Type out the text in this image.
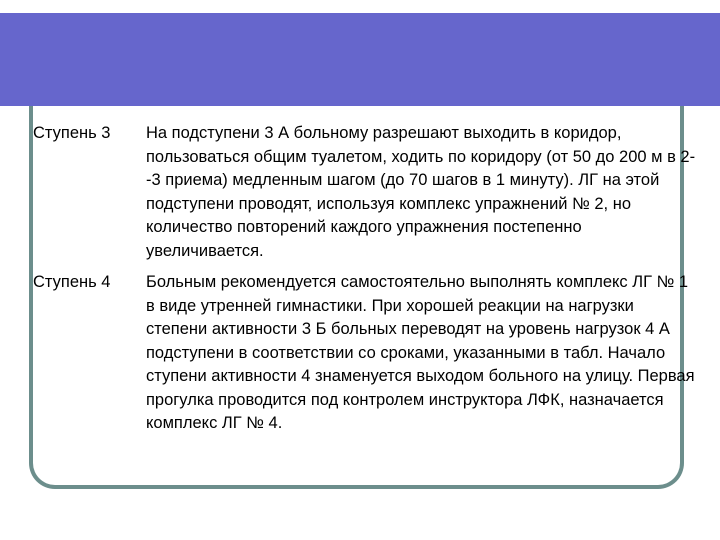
Ступень 3	На подступени 3 А больному разрешают выходить в коридор, пользоваться общим туалетом, ходить по коридору (от 50 до 200 м в 2--3 приема) медленным шагом (до 70 шагов в 1 минуту). ЛГ на этой подступени проводят, используя комплекс упражнений № 2, но количество повторений каждого упражнения постепенно увеличивается.
Ступень 4	Больным рекомендуется самостоятельно выполнять комплекс ЛГ № 1 в виде утренней гимнастики. При хорошей реакции на нагрузки степени активности 3 Б больных переводят на уровень нагрузок 4 А подступени в соответствии со сроками, указанными в табл. Начало ступени активности 4 знаменуется выходом больного на улицу. Первая прогулка проводится под контролем инструктора ЛФК, назначается комплекс ЛГ № 4.
